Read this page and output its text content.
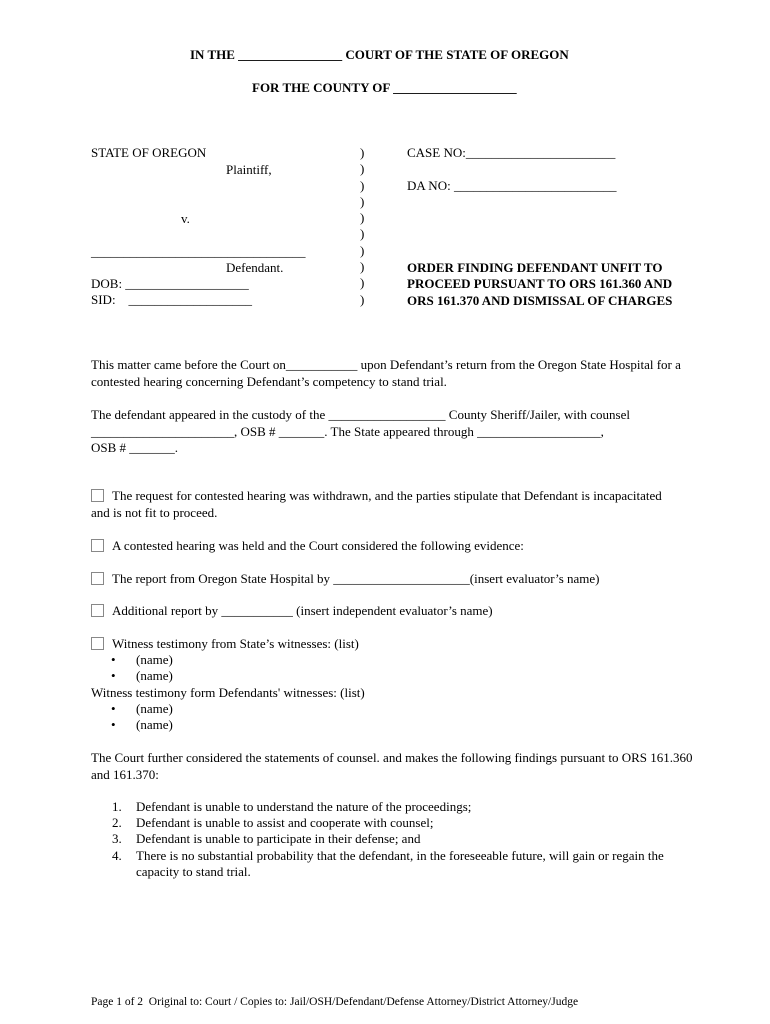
IN THE ________________ COURT OF THE STATE OF OREGON
FOR THE COUNTY OF ___________________
STATE OF OREGON
Plaintiff,
v.
_________________________________
Defendant.
DOB: ___________________
SID:    ___________________
)
)
)
)
)
)
)
)
)
)
CASE NO:_______________________
DA NO: _________________________
ORDER FINDING DEFENDANT UNFIT TO
PROCEED PURSUANT TO ORS 161.360 AND
ORS 161.370 AND DISMISSAL OF CHARGES
This matter came before the Court on___________ upon Defendant’s return from the Oregon State Hospital for a contested hearing concerning Defendant’s competency to stand trial.
The defendant appeared in the custody of the __________________ County Sheriff/Jailer, with counsel
______________________, OSB # _______. The State appeared through ___________________,
OSB # _______.
The request for contested hearing was withdrawn, and the parties stipulate that Defendant is incapacitated
and is not fit to proceed.
A contested hearing was held and the Court considered the following evidence:
The report from Oregon State Hospital by _____________________(insert evaluator’s name)
Additional report by ___________ (insert independent evaluator’s name)
Witness testimony from State’s witnesses: (list)
• (name)
• (name)
Witness testimony form Defendants' witnesses: (list)
• (name)
• (name)
The Court further considered the statements of counsel. and makes the following findings pursuant to ORS 161.360 and 161.370:
1.	Defendant is unable to understand the nature of the proceedings;
2.	Defendant is unable to assist and cooperate with counsel;
3.	Defendant is unable to participate in their defense; and
4.	There is no substantial probability that the defendant, in the foreseeable future, will gain or regain the
capacity to stand trial.
Page 1 of 2  Original to: Court / Copies to: Jail/OSH/Defendant/Defense Attorney/District Attorney/Judge
